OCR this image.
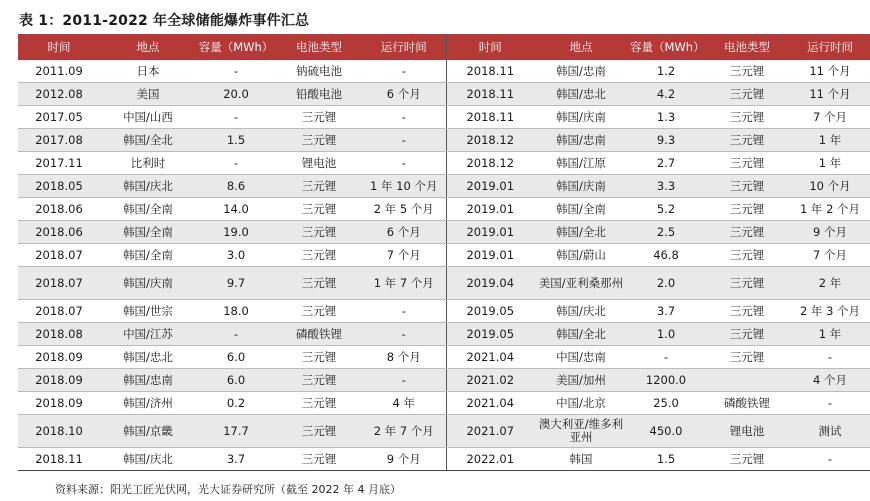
表 1：2011-2022 年全球储能爆炸事件汇总
时间	地点	容量（MWh）	电池类型	运行时间	时间	地点	容量（MWh）	电池类型	运行时间
2011.09	日本	-	钠硫电池	-	2018.11	韩国/忠南	1.2	三元锂	11 个月
2012.08	美国	20.0	铅酸电池	6 个月	2018.11	韩国/忠北	4.2	三元锂	11 个月
2017.05	中国/山西	-	三元锂	-	2018.11	韩国/庆南	1.3	三元锂	7 个月
2017.08	韩国/全北	1.5	三元锂	-	2018.12	韩国/忠南	9.3	三元锂	1 年
2017.11	比利时	-	锂电池	-	2018.12	韩国/江原	2.7	三元锂	1 年
2018.05	韩国/庆北	8.6	三元锂	1 年 10 个月	2019.01	韩国/庆南	3.3	三元锂	10 个月
2018.06	韩国/全南	14.0	三元锂	2 年 5 个月	2019.01	韩国/全南	5.2	三元锂	1 年 2 个月
2018.06	韩国/全南	19.0	三元锂	6 个月	2019.01	韩国/全北	2.5	三元锂	9 个月
2018.07	韩国/全南	3.0	三元锂	7 个月	2019.01	韩国/蔚山	46.8	三元锂	7 个月
2018.07	韩国/庆南	9.7	三元锂	1 年 7 个月	2019.04	美国/亚利桑那州	2.0	三元锂	2 年
2018.07	韩国/世宗	18.0	三元锂	-	2019.05	韩国/庆北	3.7	三元锂	2 年 3 个月
2018.08	中国/江苏	-	磷酸铁锂	-	2019.05	韩国/全北	1.0	三元锂	1 年
2018.09	韩国/忠北	6.0	三元锂	8 个月	2021.04	中国/忠南	-	三元锂	-
2018.09	韩国/忠南	6.0	三元锂	-	2021.02	美国/加州	1200.0		4 个月
2018.09	韩国/济州	0.2	三元锂	4 年	2021.04	中国/北京	25.0	磷酸铁锂	-
2018.10	韩国/京畿	17.7	三元锂	2 年 7 个月	2021.07	澳大利亚/维多利亚州	450.0	锂电池	测试
2018.11	韩国/庆北	3.7	三元锂	9 个月	2022.01	韩国	1.5	三元锂	-
资料来源：阳光工匠光伏网，光大证券研究所（截至 2022 年 4 月底）
